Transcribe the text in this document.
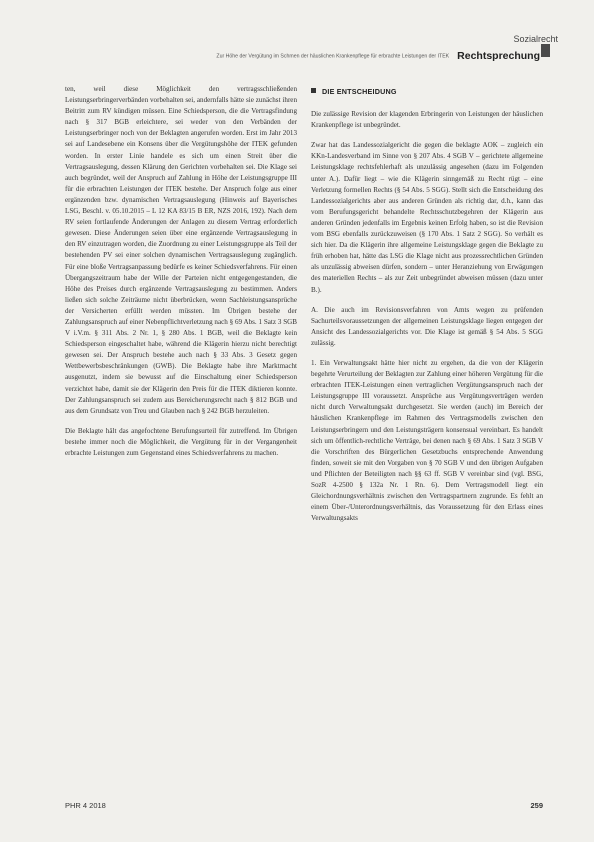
Sozialrecht
Zur Höhe der Vergütung im Schmen der häuslichen Krankenpflege für erbrachte Leistungen der ITEK Rechtsprechung

ten, weil diese Möglichkeit den vertragsschließenden Leistungserbringerverbänden vorbehalten sei, andernfalls hätte sie zunächst ihren Beitritt zum RV kündigen müssen. Eine Schiedsperson, die die Vertragsfindung nach § 317 BGB erleichtere, sei weder von den Verbänden der Leistungserbringer noch von der Beklagten angerufen worden. Erst im Jahr 2013 sei auf Landesebene ein Konsens über die Vergütungshöhe der ITEK gefunden worden. In erster Linie handele es sich um einen Streit über die Vertragsauslegung, dessen Klärung den Gerichten vorbehalten sei. Die Klage sei auch begründet, weil der Anspruch auf Zahlung in Höhe der Leistungsgruppe III für die erbrachten Leistungen der ITEK bestehe. Der Anspruch folge aus einer ergänzenden bzw. dynamischen Vertragsauslegung (Hinweis auf Bayerisches LSG, Beschl. v. 05.10.2015 – L 12 KA 83/15 B ER, NZS 2016, 192). Nach dem RV seien fortlaufende Änderungen der Anlagen zu diesem Vertrag erforderlich gewesen. Diese Änderungen seien über eine ergänzende Vertragsauslegung in den RV einzutragen worden, die Zuordnung zu einer Leistungsgruppe als Teil der bestehenden PV sei einer solchen dynamischen Vertragsauslegung zugänglich. Für eine bloße Vertragsanpassung bedürfe es keiner Schiedsverfahrens. Für einen Übergangszeitraum habe der Wille der Parteien nicht entgegengestanden, die Höhe des Preises durch ergänzende Vertragsauslegung zu bestimmen. Anders ließen sich solche Zeiträume nicht überbrücken, wenn Sachleistungsansprüche der Versicherten erfüllt werden müssten. Im Übrigen bestehe der Zahlungsanspruch auf einer Nebenpflichtverletzung nach § 69 Abs. 1 Satz 3 SGB V i.V.m. § 311 Abs. 2 Nr. 1, § 280 Abs. 1 BGB, weil die Beklagte kein Schiedsperson eingeschaltet habe, während die Klägerin hierzu nicht berechtigt gewesen sei. Der Anspruch bestehe auch nach § 33 Abs. 3 Gesetz gegen Wettbewerbsbeschränkungen (GWB). Die Beklagte habe ihre Marktmacht ausgenutzt, indem sie bewusst auf die Einschaltung einer Schiedsperson verzichtet habe, damit sie der Klägerin den Preis für die ITEK diktieren konnte. Der Zahlungsanspruch sei zudem aus Bereicherungsrecht nach § 812 BGB und aus dem Grundsatz von Treu und Glauben nach § 242 BGB herzuleiten.

Die Beklagte hält das angefochtene Berufungsurteil für zutreffend. Im Übrigen bestehe immer noch die Möglichkeit, die Vergütung für in der Vergangenheit erbrachte Leistungen zum Gegenstand eines Schiedsverfahrens zu machen.

DIE ENTSCHEIDUNG

Die zulässige Revision der klagenden Erbringerin von Leistungen der häuslichen Krankenpflege ist unbegründet.

Zwar hat das Landessozialgericht die gegen die beklagte AOK – zugleich ein KKn-Landesverband im Sinne von § 207 Abs. 4 SGB V – gerichtete allgemeine Leistungsklage rechtsfehlerhaft als unzulässig angesehen (dazu im Folgenden unter A.). Dafür liegt – wie die Klägerin sinngemäß zu Recht rügt – eine Verletzung formellen Rechts (§ 54 Abs. 5 SGG). Stellt sich die Entscheidung des Landessozialgerichts aber aus anderen Gründen als richtig dar, d.h., kann das vom Berufungsgericht behandelte Rechtsschutzbegehren der Klägerin aus anderen Gründen jedenfalls im Ergebnis keinen Erfolg haben, so ist die Revision vom BSG ebenfalls zurückzuweisen (§ 170 Abs. 1 Satz 2 SGG). So verhält es sich hier. Da die Klägerin ihre allgemeine Leistungsklage gegen die Beklagte zu früh erhoben hat, hätte das LSG die Klage nicht aus prozessrechtlichen Gründen als unzulässig abweisen dürfen, sondern – unter Heranziehung von Erwägungen des materiellen Rechts – als zur Zeit unbegründet abweisen müssen (dazu unter B.).

A. Die auch im Revisionsverfahren von Amts wegen zu prüfenden Sachurteilsvoraussetzungen der allgemeinen Leistungsklage liegen entgegen der Ansicht des Landessozialgerichts vor. Die Klage ist gemäß § 54 Abs. 5 SGG zulässig.

1. Ein Verwaltungsakt hätte hier nicht zu ergehen, da die von der Klägerin begehrte Verurteilung der Beklagten zur Zahlung einer höheren Vergütung für die erbrachten ITEK-Leistungen einen vertraglichen Vergütungsanspruch nach der Leistungsgruppe III voraussetzt. Ansprüche aus Vergütungsverträgen werden nicht durch Verwaltungsakt durchgesetzt. Sie werden (auch) im Bereich der häuslichen Krankenpflege im Rahmen des Vertragsmodells zwischen den Leistungserbringern und den Leistungsträgern konsensual vereinbart. Es handelt sich um öffentlich-rechtliche Verträge, bei denen nach § 69 Abs. 1 Satz 3 SGB V die Vorschriften des Bürgerlichen Gesetzbuchs entsprechende Anwendung finden, soweit sie mit den Vorgaben von § 70 SGB V und den übrigen Aufgaben und Pflichten der Beteiligten nach §§ 63 ff. SGB V vereinbar sind (vgl. BSG, SozR 4-2500 § 132a Nr. 1 Rn. 6). Dem Vertragsmodell liegt ein Gleichordnungsverhältnis zwischen den Vertragspartnern zugrunde. Es fehlt an einem Über-/Unterordnungsverhältnis, das Voraussetzung für den Erlass eines Verwaltungsakts

PHR 4 2018	259
